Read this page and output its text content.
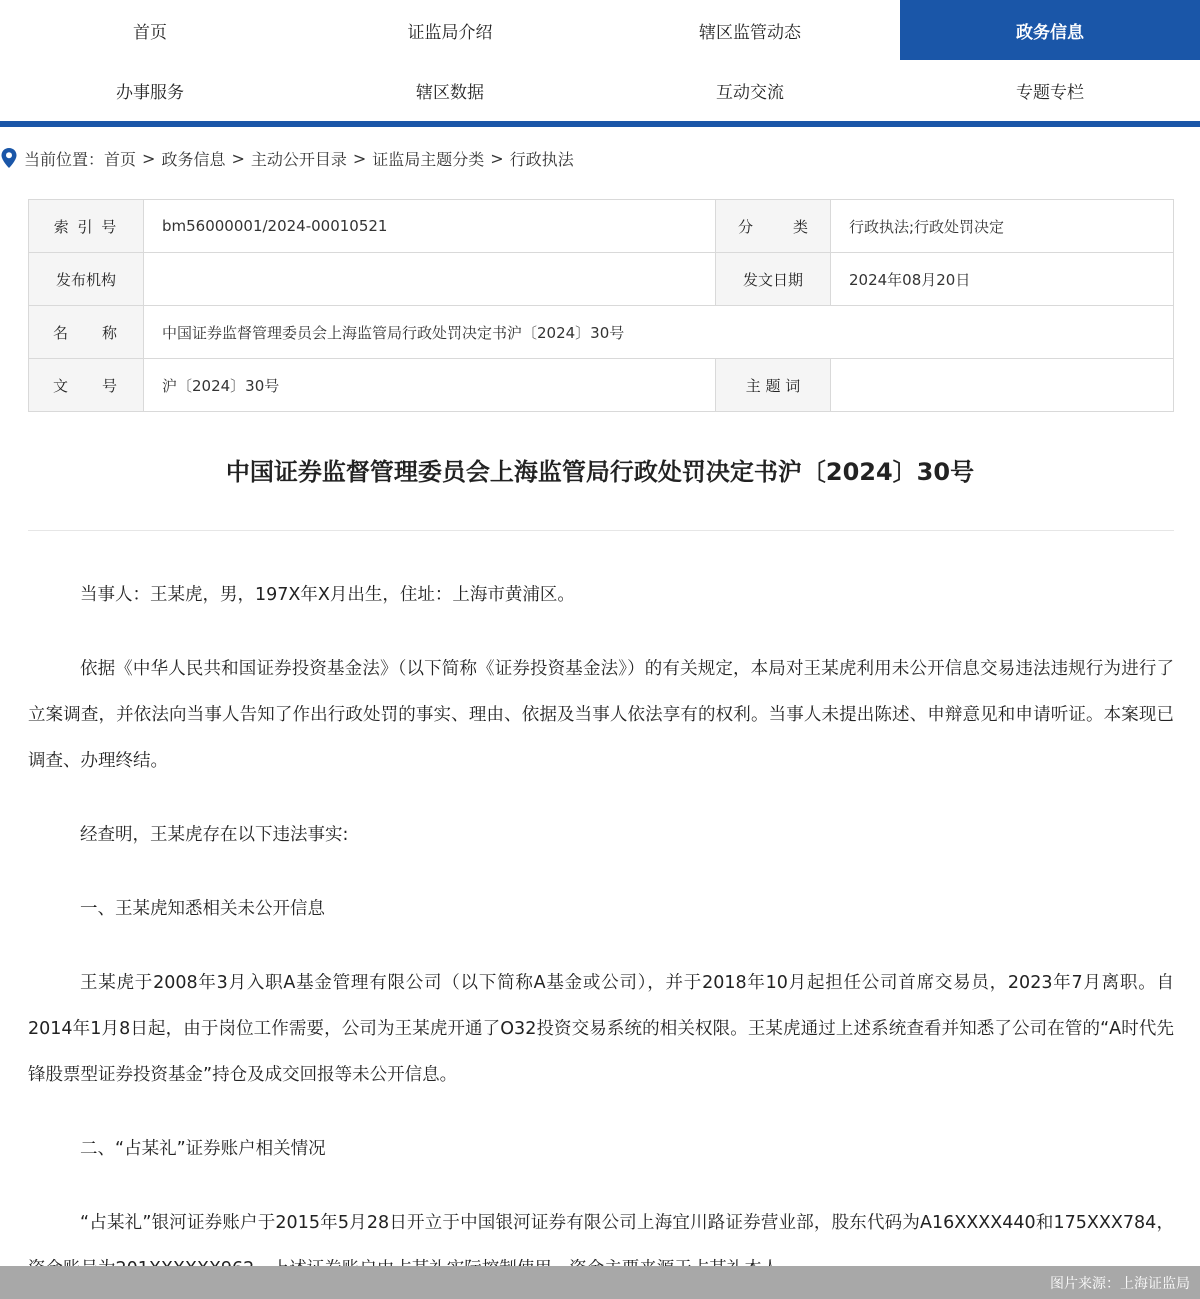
首页	证监局介绍	辖区监管动态	政务信息
办事服务	辖区数据	互动交流	专题专栏
当前位置： 首页 > 政务信息 > 主动公开目录 > 证监局主题分类 > 行政执法
索 引 号	bm56000001/2024-00010521	分 类	行政执法;行政处罚决定
发布机构		发文日期	2024年08月20日

名 称	中国证券监督管理委员会上海监管局行政处罚决定书沪〔2024〕30号		

文 号	沪〔2024〕30号	主 题 词	
中国证券监督管理委员会上海监管局行政处罚决定书沪〔2024〕30号

当事人：王某虎，男，197X年X月出生，住址：上海市黄浦区。

依据《中华人民共和国证券投资基金法》（以下简称《证券投资基金法》）的有关规定，本局对王某虎利用未公开信息交易违法违规行为进行了立案调查，并依法向当事人告知了作出行政处罚的事实、理由、依据及当事人依法享有的权利。当事人未提出陈述、申辩意见和申请听证。本案现已调查、办理终结。

经查明，王某虎存在以下违法事实:

一、王某虎知悉相关未公开信息

王某虎于2008年3月入职A基金管理有限公司（以下简称A基金或公司），并于2018年10月起担任公司首席交易员，2023年7月离职。自2014年1月8日起，由于岗位工作需要，公司为王某虎开通了O32投资交易系统的相关权限。王某虎通过上述系统查看并知悉了公司在管的“A时代先锋股票型证券投资基金”持仓及成交回报等未公开信息。

二、“占某礼”证券账户相关情况

“占某礼”银河证券账户于2015年5月28日开立于中国银河证券有限公司上海宜川路证券营业部，股东代码为A16XXXX440和175XXX784，

图片来源：上海证监局
